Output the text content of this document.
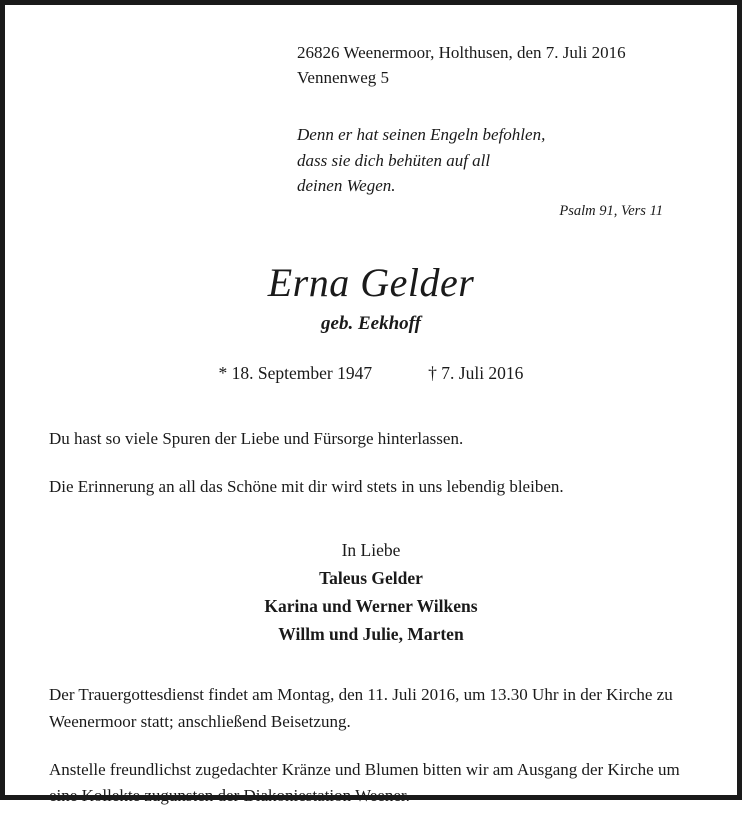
26826 Weenermoor, Holthusen, den 7. Juli 2016
Vennenweg 5
Denn er hat seinen Engeln befohlen,
dass sie dich behüten auf all
deinen Wegen.
Psalm 91, Vers 11
Erna Gelder
geb. Eekhoff
* 18. September 1947	† 7. Juli 2016
Du hast so viele Spuren der Liebe und Fürsorge hinterlassen.
Die Erinnerung an all das Schöne mit dir wird stets in uns lebendig bleiben.
In Liebe
Taleus Gelder
Karina und Werner Wilkens
Willm und Julie, Marten
Der Trauergottesdienst findet am Montag, den 11. Juli 2016, um 13.30 Uhr in der Kirche zu Weenermoor statt; anschließend Beisetzung.
Anstelle freundlichst zugedachter Kränze und Blumen bitten wir am Ausgang der Kirche um eine Kollekte zugunsten der Diakoniestation Weener.
